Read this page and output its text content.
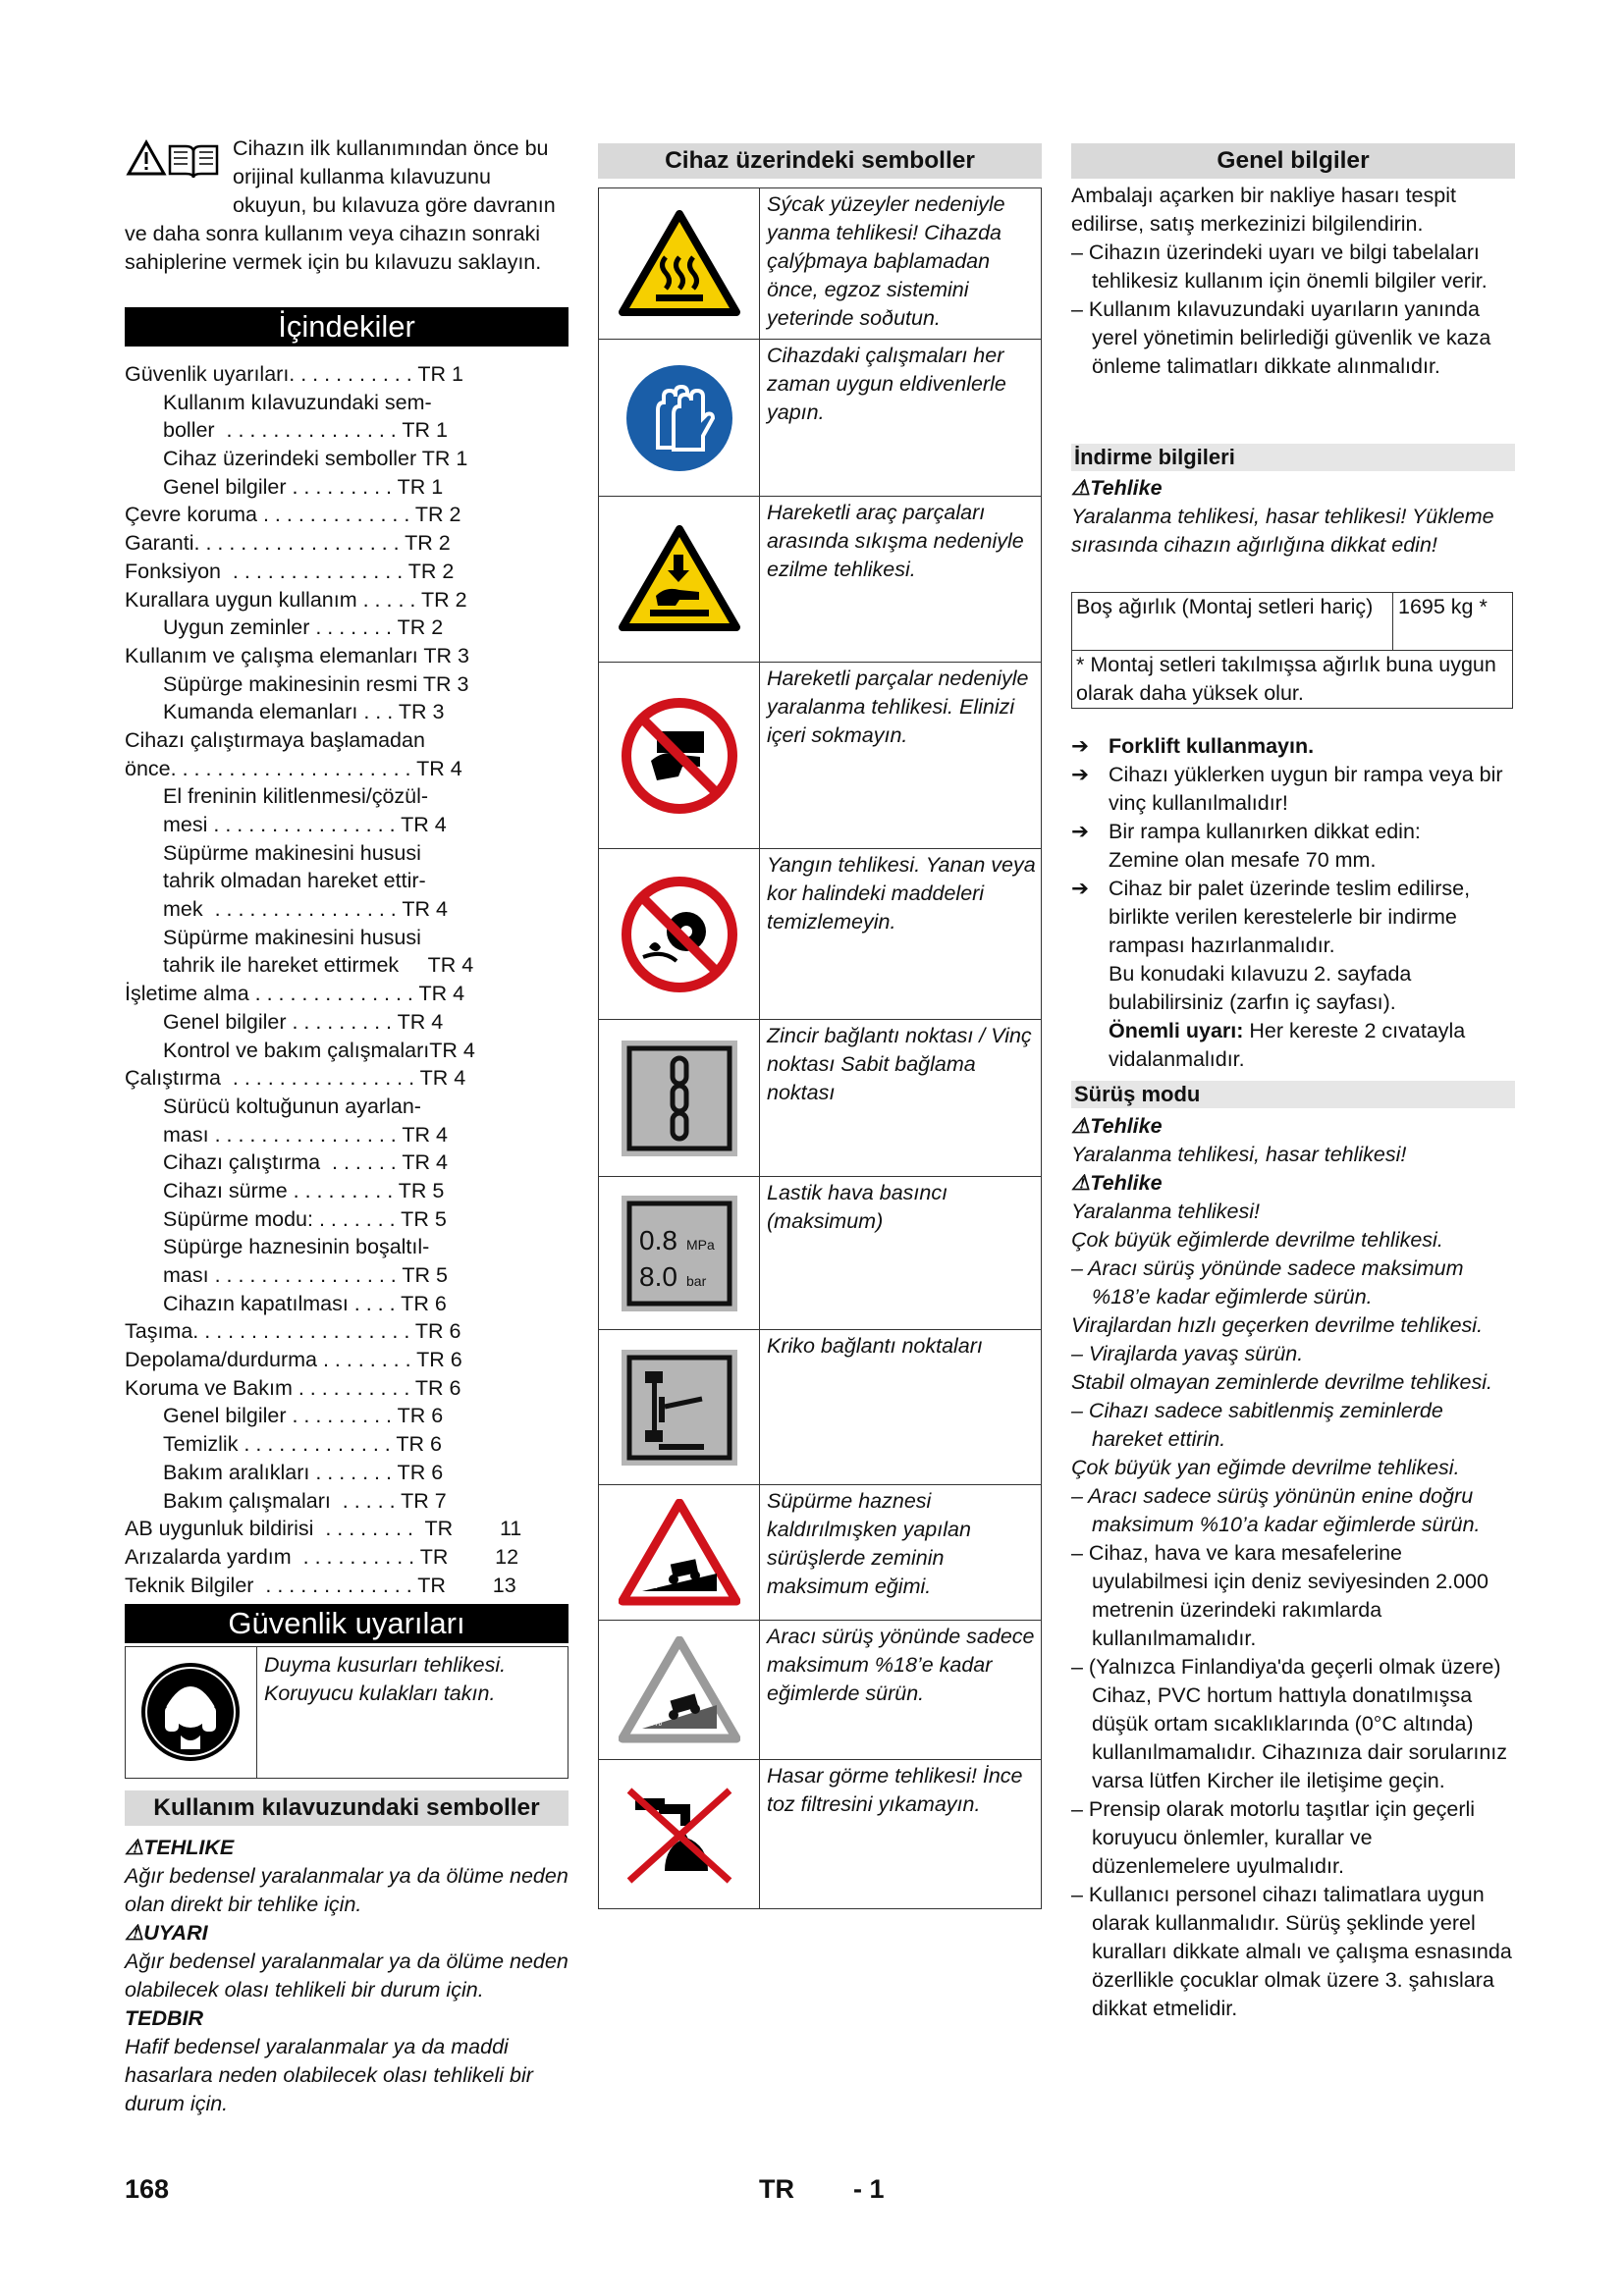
Cihazın ilk kullanımından önce bu orijinal kullanma kılavuzunu okuyun, bu kılavuza göre davranın ve daha sonra kullanım veya cihazın sonraki sahiplerine vermek için bu kılavuzu saklayın.
İçindekiler
Güvenlik uyarıları. . . . . . . . . . . TR 1
Kullanım kılavuzundaki sem-
boller  . . . . . . . . . . . . . . . TR 1
Cihaz üzerindeki semboller TR 1
Genel bilgiler . . . . . . . . . TR 1
Çevre koruma . . . . . . . . . . . . . TR 2
Garanti. . . . . . . . . . . . . . . . . . TR 2
Fonksiyon  . . . . . . . . . . . . . . . TR 2
Kurallara uygun kullanım . . . . . TR 2
Uygun zeminler . . . . . . . TR 2
Kullanım ve çalışma elemanları TR 3
Süpürge makinesinin resmi TR 3
Kumanda elemanları . . . TR 3
Cihazı çalıştırmaya başlamadan
önce. . . . . . . . . . . . . . . . . . . . . TR 4
El freninin kilitlenmesi/çözül-
mesi . . . . . . . . . . . . . . . . TR 4
Süpürme makinesini hususi
tahrik olmadan hareket ettir-
mek  . . . . . . . . . . . . . . . . TR 4
Süpürme makinesini hususi
tahrik ile hareket ettirmek     TR 4
İşletime alma . . . . . . . . . . . . . . TR 4
Genel bilgiler . . . . . . . . . TR 4
Kontrol ve bakım çalışmalarıTR 4
Çalıştırma  . . . . . . . . . . . . . . . . TR 4
Sürücü koltuğunun ayarlan-
ması . . . . . . . . . . . . . . . . TR 4
Cihazı çalıştırma  . . . . . . TR 4
Cihazı sürme . . . . . . . . . TR 5
Süpürme modu: . . . . . . . TR 5
Süpürge haznesinin boşaltıl-
ması . . . . . . . . . . . . . . . . TR 5
Cihazın kapatılması . . . . TR 6
Taşıma. . . . . . . . . . . . . . . . . . . TR 6
Depolama/durdurma . . . . . . . . TR 6
Koruma ve Bakım . . . . . . . . . . TR 6
Genel bilgiler . . . . . . . . . TR 6
Temizlik . . . . . . . . . . . . . TR 6
Bakım aralıkları . . . . . . . TR 6
Bakım çalışmaları  . . . . . TR 7
AB uygunluk bildirisi  . . . . . . . .  TR        11
Arızalarda yardım  . . . . . . . . . . TR        12
Teknik Bilgiler  . . . . . . . . . . . . . TR        13
Güvenlik uyarıları
Duyma kusurları tehlikesi. Koruyucu kulakları takın.
Kullanım kılavuzundaki semboller
⚠TEHLIKE
Ağır bedensel yaralanmalar ya da ölüme neden olan direkt bir tehlike için.
⚠UYARI
Ağır bedensel yaralanmalar ya da ölüme neden olabilecek olası tehlikeli bir durum için.
TEDBIR
Hafif bedensel yaralanmalar ya da maddi hasarlara neden olabilecek olası tehlikeli bir durum için.
Cihaz üzerindeki semboller
Sýcak yüzeyler nedeniyle yanma tehlikesi! Cihazda çalýþmaya baþlamadan önce, egzoz sistemini yeterinde soðutun.
Cihazdaki çalışmaları her zaman uygun eldivenlerle yapın.
Hareketli araç parçaları arasında sıkışma nedeniyle ezilme tehlikesi.
Hareketli parçalar nedeniyle yaralanma tehlikesi. Elinizi içeri sokmayın.
Yangın tehlikesi. Yanan veya kor halindeki maddeleri temizlemeyin.
Zincir bağlantı noktası / Vinç noktası Sabit bağlama noktası
0.8 MPa
8.0 bar
Lastik hava basıncı (maksimum)
Kriko bağlantı noktaları
6%
Süpürme haznesi kaldırılmışken yapılan sürüşlerde zeminin maksimum eğimi.
18%
Aracı sürüş yönünde sadece maksimum %18’e kadar eğimlerde sürün.
Hasar görme tehlikesi! İnce toz filtresini yıkamayın.
Genel bilgiler
Ambalajı açarken bir nakliye hasarı tespit edilirse, satış merkezinizi bilgilendirin.
– Cihazın üzerindeki uyarı ve bilgi tabelaları tehlikesiz kullanım için önemli bilgiler verir.
– Kullanım kılavuzundaki uyarıların yanında yerel yönetimin belirlediği güvenlik ve kaza önleme talimatları dikkate alınmalıdır.
İndirme bilgileri
⚠Tehlike
Yaralanma tehlikesi, hasar tehlikesi! Yükleme sırasında cihazın ağırlığına dikkat edin!
Boş ağırlık (Montaj setleri hariç)	1695 kg *
* Montaj setleri takılmışsa ağırlık buna uygun olarak daha yüksek olur.
➔ Forklift kullanmayın.
➔ Cihazı yüklerken uygun bir rampa veya bir vinç kullanılmalıdır!
➔ Bir rampa kullanırken dikkat edin:
Zemine olan mesafe 70 mm.
➔ Cihaz bir palet üzerinde teslim edilirse, birlikte verilen kerestelerle bir indirme rampası hazırlanmalıdır.
Bu konudaki kılavuzu 2. sayfada bulabilirsiniz (zarfın iç sayfası).
Önemli uyarı: Her kereste 2 cıvatayla vidalanmalıdır.
Sürüş modu
⚠Tehlike
Yaralanma tehlikesi, hasar tehlikesi!
⚠Tehlike
Yaralanma tehlikesi!
Çok büyük eğimlerde devrilme tehlikesi.
– Aracı sürüş yönünde sadece maksimum %18’e kadar eğimlerde sürün.
Virajlardan hızlı geçerken devrilme tehlikesi.
– Virajlarda yavaş sürün.
Stabil olmayan zeminlerde devrilme tehlikesi.
– Cihazı sadece sabitlenmiş zeminlerde hareket ettirin.
Çok büyük yan eğimde devrilme tehlikesi.
– Aracı sadece sürüş yönünün enine doğru maksimum %10’a kadar eğimlerde sürün.
– Cihaz, hava ve kara mesafelerine uyulabilmesi için deniz seviyesinden 2.000 metrenin üzerindeki rakımlarda kullanılmamalıdır.
– (Yalnızca Finlandiya'da geçerli olmak üzere) Cihaz, PVC hortum hattıyla donatılmışsa düşük ortam sıcaklıklarında (0°C altında) kullanılmamalıdır. Cihazınıza dair sorularınız varsa lütfen Kircher ile iletişime geçin.
– Prensip olarak motorlu taşıtlar için geçerli koruyucu önlemler, kurallar ve düzenlemelere uyulmalıdır.
– Kullanıcı personel cihazı talimatlara uygun olarak kullanmalıdır. Sürüş şeklinde yerel kuralları dikkate almalı ve çalışma esnasında özerllikle çocuklar olmak üzere 3. şahıslara dikkat etmelidir.
168	TR - 1
